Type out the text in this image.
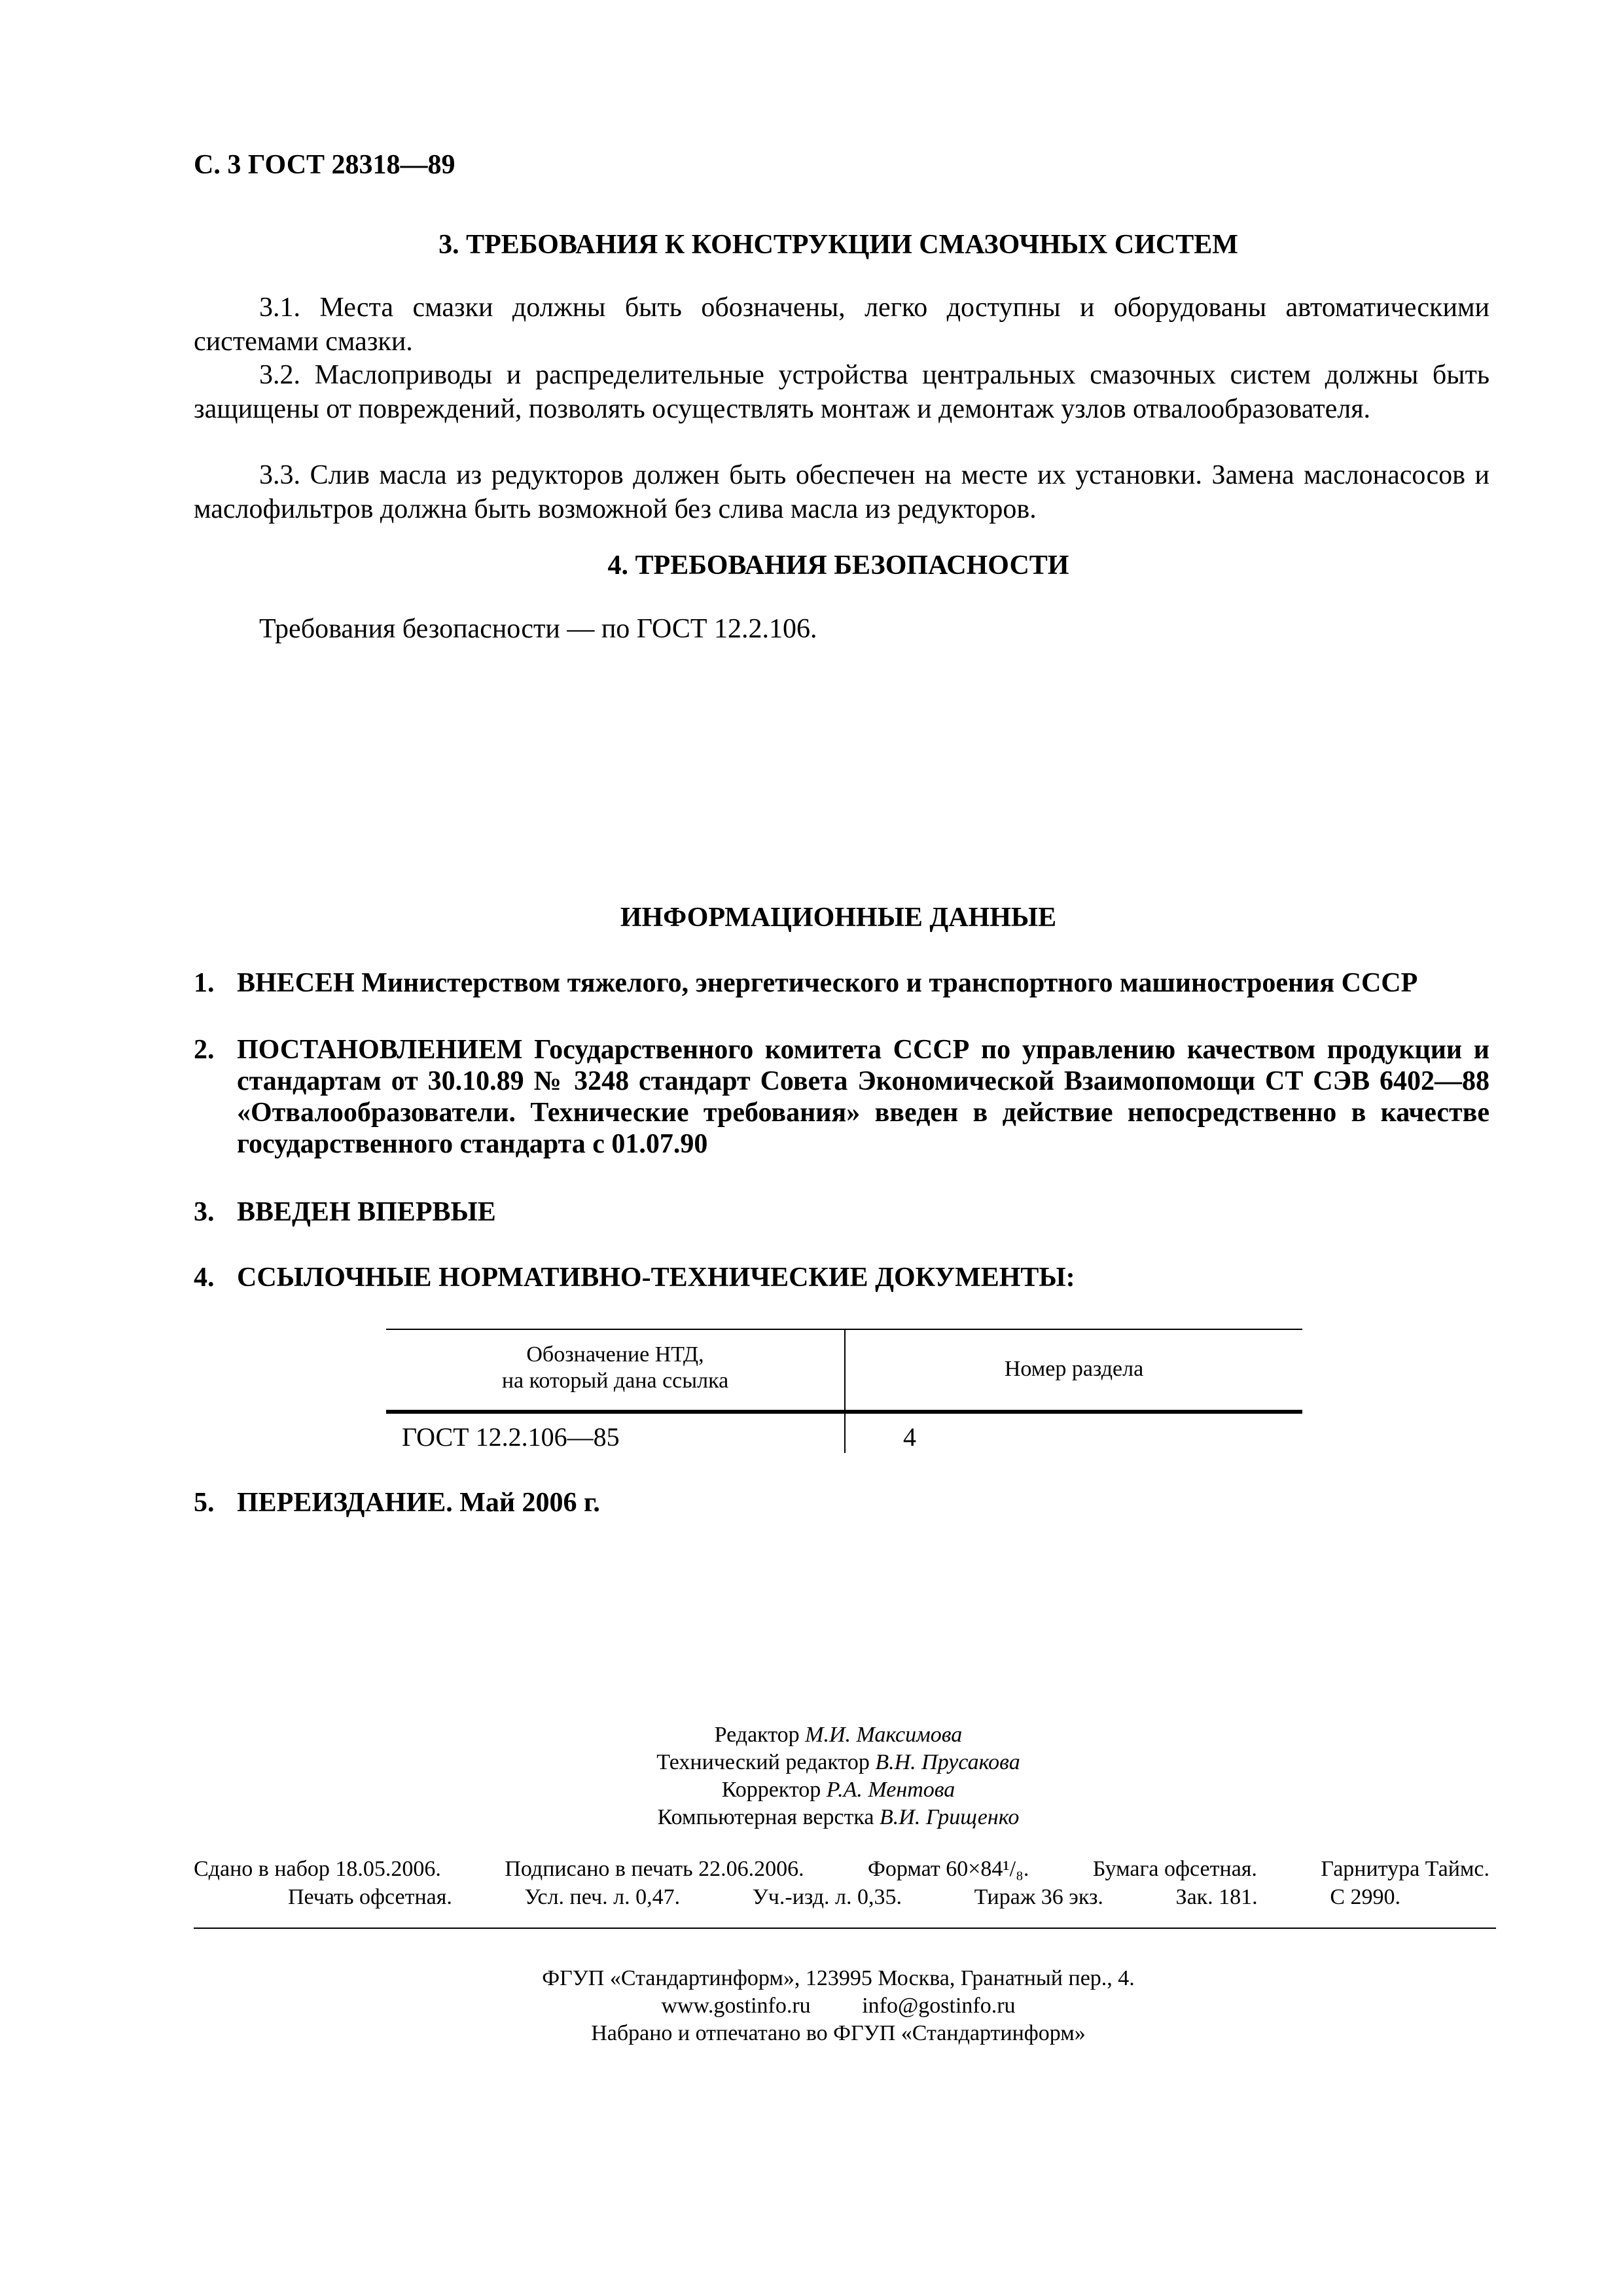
С. 3 ГОСТ 28318—89
3. ТРЕБОВАНИЯ К КОНСТРУКЦИИ СМАЗОЧНЫХ СИСТЕМ
3.1. Места смазки должны быть обозначены, легко доступны и оборудованы автоматическими системами смазки.
3.2. Маслоприводы и распределительные устройства центральных смазочных систем должны быть защищены от повреждений, позволять осуществлять монтаж и демонтаж узлов отвалообразователя.
3.3. Слив масла из редукторов должен быть обеспечен на месте их установки. Замена маслонасосов и маслофильтров должна быть возможной без слива масла из редукторов.
4. ТРЕБОВАНИЯ БЕЗОПАСНОСТИ
Требования безопасности — по ГОСТ 12.2.106.
ИНФОРМАЦИОННЫЕ ДАННЫЕ
1. ВНЕСЕН Министерством тяжелого, энергетического и транспортного машиностроения СССР
2. ПОСТАНОВЛЕНИЕМ Государственного комитета СССР по управлению качеством продукции и стандартам от 30.10.89 № 3248 стандарт Совета Экономической Взаимопомощи СТ СЭВ 6402—88 «Отвалообразователи. Технические требования» введен в действие непосредственно в качестве государственного стандарта с 01.07.90
3. ВВЕДЕН ВПЕРВЫЕ
4. ССЫЛОЧНЫЕ НОРМАТИВНО-ТЕХНИЧЕСКИЕ ДОКУМЕНТЫ:
Обозначение НТД,
на который дана ссылка	Номер раздела
ГОСТ 12.2.106—85	4
5. ПЕРЕИЗДАНИЕ. Май 2006 г.
Редактор М.И. Максимова
Технический редактор В.Н. Прусакова
Корректор Р.А. Ментова
Компьютерная верстка В.И. Грищенко
Сдано в набор 18.05.2006.	Подписано в печать 22.06.2006.	Формат 60×84¹/₈.	Бумага офсетная.	Гарнитура Таймс.
Печать офсетная.	Усл. печ. л. 0,47.	Уч.-изд. л. 0,35.	Тираж 36 экз.	Зак. 181.	С 2990.
ФГУП «Стандартинформ», 123995 Москва, Гранатный пер., 4.
www.gostinfo.ru info@gostinfo.ru
Набрано и отпечатано во ФГУП «Стандартинформ»
